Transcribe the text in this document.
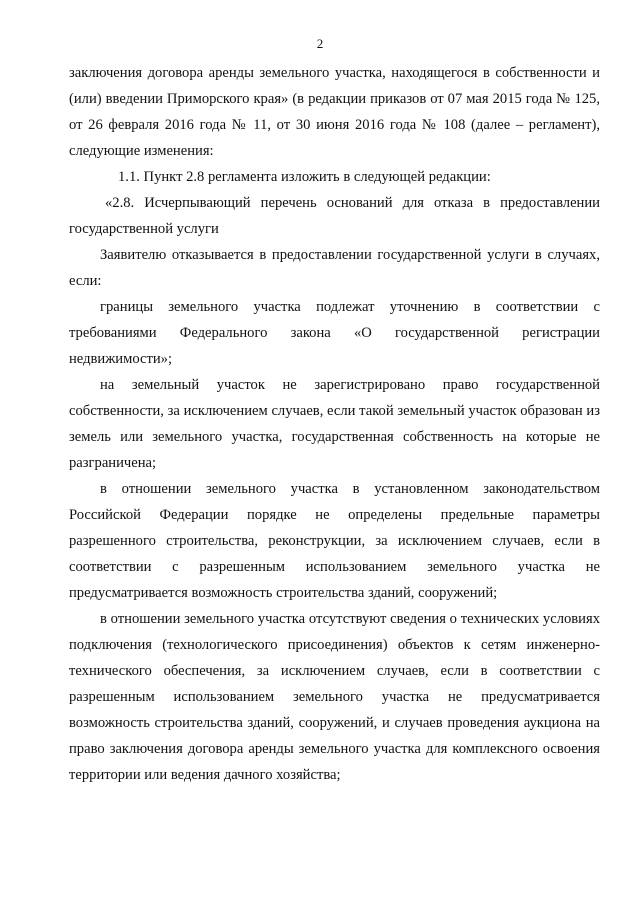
2

заключения договора аренды земельного участка, находящегося в собственности и (или) введении Приморского края» (в редакции приказов от 07 мая 2015 года № 125, от 26 февраля 2016 года № 11, от 30 июня 2016 года № 108 (далее – регламент), следующие изменения:

1.1. Пункт 2.8 регламента изложить в следующей редакции:

«2.8. Исчерпывающий перечень оснований для отказа в предоставлении государственной услуги

Заявителю отказывается в предоставлении государственной услуги в случаях, если:

границы земельного участка подлежат уточнению в соответствии с требованиями Федерального закона «О государственной регистрации недвижимости»;

на земельный участок не зарегистрировано право государственной собственности, за исключением случаев, если такой земельный участок образован из земель или земельного участка, государственная собственность на которые не разграничена;

в отношении земельного участка в установленном законодательством Российской Федерации порядке не определены предельные параметры разрешенного строительства, реконструкции, за исключением случаев, если в соответствии с разрешенным использованием земельного участка не предусматривается возможность строительства зданий, сооружений;

в отношении земельного участка отсутствуют сведения о технических условиях подключения (технологического присоединения) объектов к сетям инженерно-технического обеспечения, за исключением случаев, если в соответствии с разрешенным использованием земельного участка не предусматривается возможность строительства зданий, сооружений, и случаев проведения аукциона на право заключения договора аренды земельного участка для комплексного освоения территории или ведения дачного хозяйства;
